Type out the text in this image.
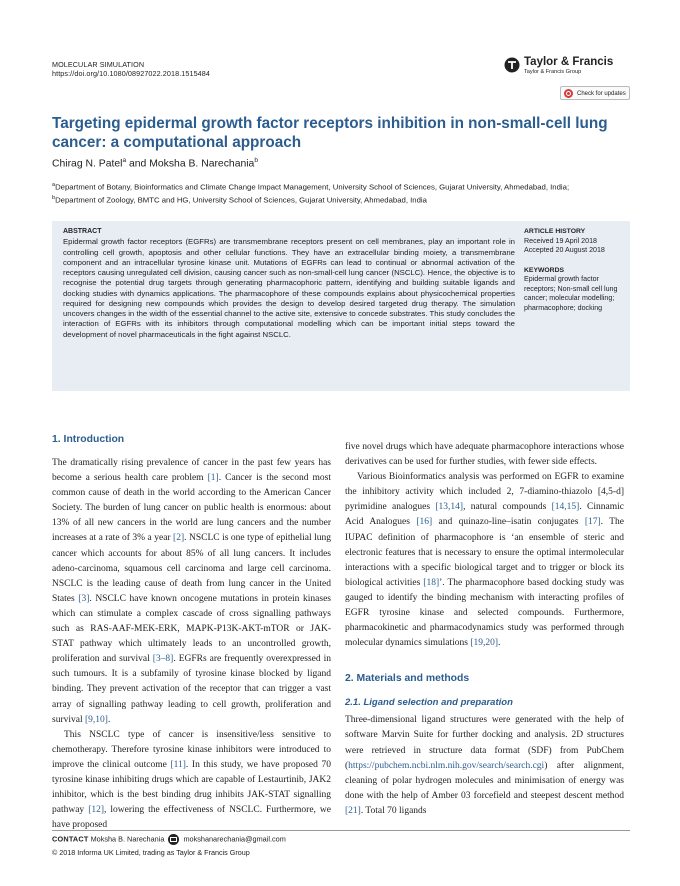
MOLECULAR SIMULATION
https://doi.org/10.1080/08927022.2018.1515484
Taylor & Francis
Taylor & Francis Group
Check for updates
Targeting epidermal growth factor receptors inhibition in non-small-cell lung cancer: a computational approach
Chirag N. Patel$^a$ and Moksha B. Narechania$^b$
$^a$Department of Botany, Bioinformatics and Climate Change Impact Management, University School of Sciences, Gujarat University, Ahmedabad, India;
$^b$Department of Zoology, BMTC and HG, University School of Sciences, Gujarat University, Ahmedabad, India
ABSTRACT
Epidermal growth factor receptors (EGFRs) are transmembrane receptors present on cell membranes, play an important role in controlling cell growth, apoptosis and other cellular functions. They have an extracellular binding moiety, a transmembrane component and an intracellular tyrosine kinase unit. Mutations of EGFRs can lead to continual or abnormal activation of the receptors causing unregulated cell division, causing cancer such as non-small-cell lung cancer (NSCLC). Hence, the objective is to recognise the potential drug targets through generating pharmacophoric pattern, identifying and building suitable ligands and docking studies with dynamics applications. The pharmacophore of these compounds explains about physicochemical properties required for designing new compounds which provides the design to develop desired targeted drug therapy. The simulation uncovers changes in the width of the essential channel to the active site, extensive to concede substrates. This study concludes the interaction of EGFRs with its inhibitors through computational modelling which can be important initial steps toward the development of novel pharmaceuticals in the fight against NSCLC.
ARTICLE HISTORY
Received 19 April 2018
Accepted 20 August 2018
KEYWORDS
Epidermal growth factor receptors; Non-small cell lung cancer; molecular modelling; pharmacophore; docking
1. Introduction

The dramatically rising prevalence of cancer in the past few years has become a serious health care problem [1]. Cancer is the second most common cause of death in the world according to the American Cancer Society. The burden of lung cancer on public health is enormous: about 13% of all new cancers in the world are lung cancers and the number increases at a rate of 3% a year [2]. NSCLC is one type of epithelial lung cancer which accounts for about 85% of all lung cancers. It includes adeno-carcinoma, squamous cell carcinoma and large cell carcinoma. NSCLC is the leading cause of death from lung cancer in the United States [3]. NSCLC have known oncogene mutations in protein kinases which can stimulate a complex cascade of cross signalling pathways such as RAS-AAF-MEK-ERK, MAPK-P13K-AKT-mTOR or JAK-STAT pathway which ultimately leads to an uncontrolled growth, proliferation and survival [3–8]. EGFRs are frequently overexpressed in such tumours. It is a subfamily of tyrosine kinase blocked by ligand binding. They prevent activation of the receptor that can trigger a vast array of signalling pathway leading to cell growth, proliferation and survival [9,10].

This NSCLC type of cancer is insensitive/less sensitive to chemotherapy. Therefore tyrosine kinase inhibitors were introduced to improve the clinical outcome [11]. In this study, we have proposed 70 tyrosine kinase inhibiting drugs which are capable of Lestaurtinib, JAK2 inhibitor, which is the best binding drug inhibits JAK-STAT signalling pathway [12], lowering the effectiveness of NSCLC. Furthermore, we have proposed

five novel drugs which have adequate pharmacophore interactions whose derivatives can be used for further studies, with fewer side effects.

Various Bioinformatics analysis was performed on EGFR to examine the inhibitory activity which included 2, 7-diamino-thiazolo [4,5-d] pyrimidine analogues [13,14], natural compounds [14,15]. Cinnamic Acid Analogues [16] and quinazo-line–isatin conjugates [17]. The IUPAC definition of pharmacophore is ‘an ensemble of steric and electronic features that is necessary to ensure the optimal intermolecular interactions with a specific biological target and to trigger or block its biological activities [18]’. The pharmacophore based docking study was gauged to identify the binding mechanism with interacting profiles of EGFR tyrosine kinase and selected compounds. Furthermore, pharmacokinetic and pharmacodynamics study was performed through molecular dynamics simulations [19,20].

2. Materials and methods
2.1. Ligand selection and preparation

Three-dimensional ligand structures were generated with the help of software Marvin Suite for further docking and analysis. 2D structures were retrieved in structure data format (SDF) from PubChem (https://pubchem.ncbi.nlm.nih.gov/search/search.cgi) after alignment, cleaning of polar hydrogen molecules and minimisation of energy was done with the help of Amber 03 forcefield and steepest descent method [21]. Total 70 ligands

CONTACT Moksha B. Narechania	mokshanarechania@gmail.com
© 2018 Informa UK Limited, trading as Taylor & Francis Group
